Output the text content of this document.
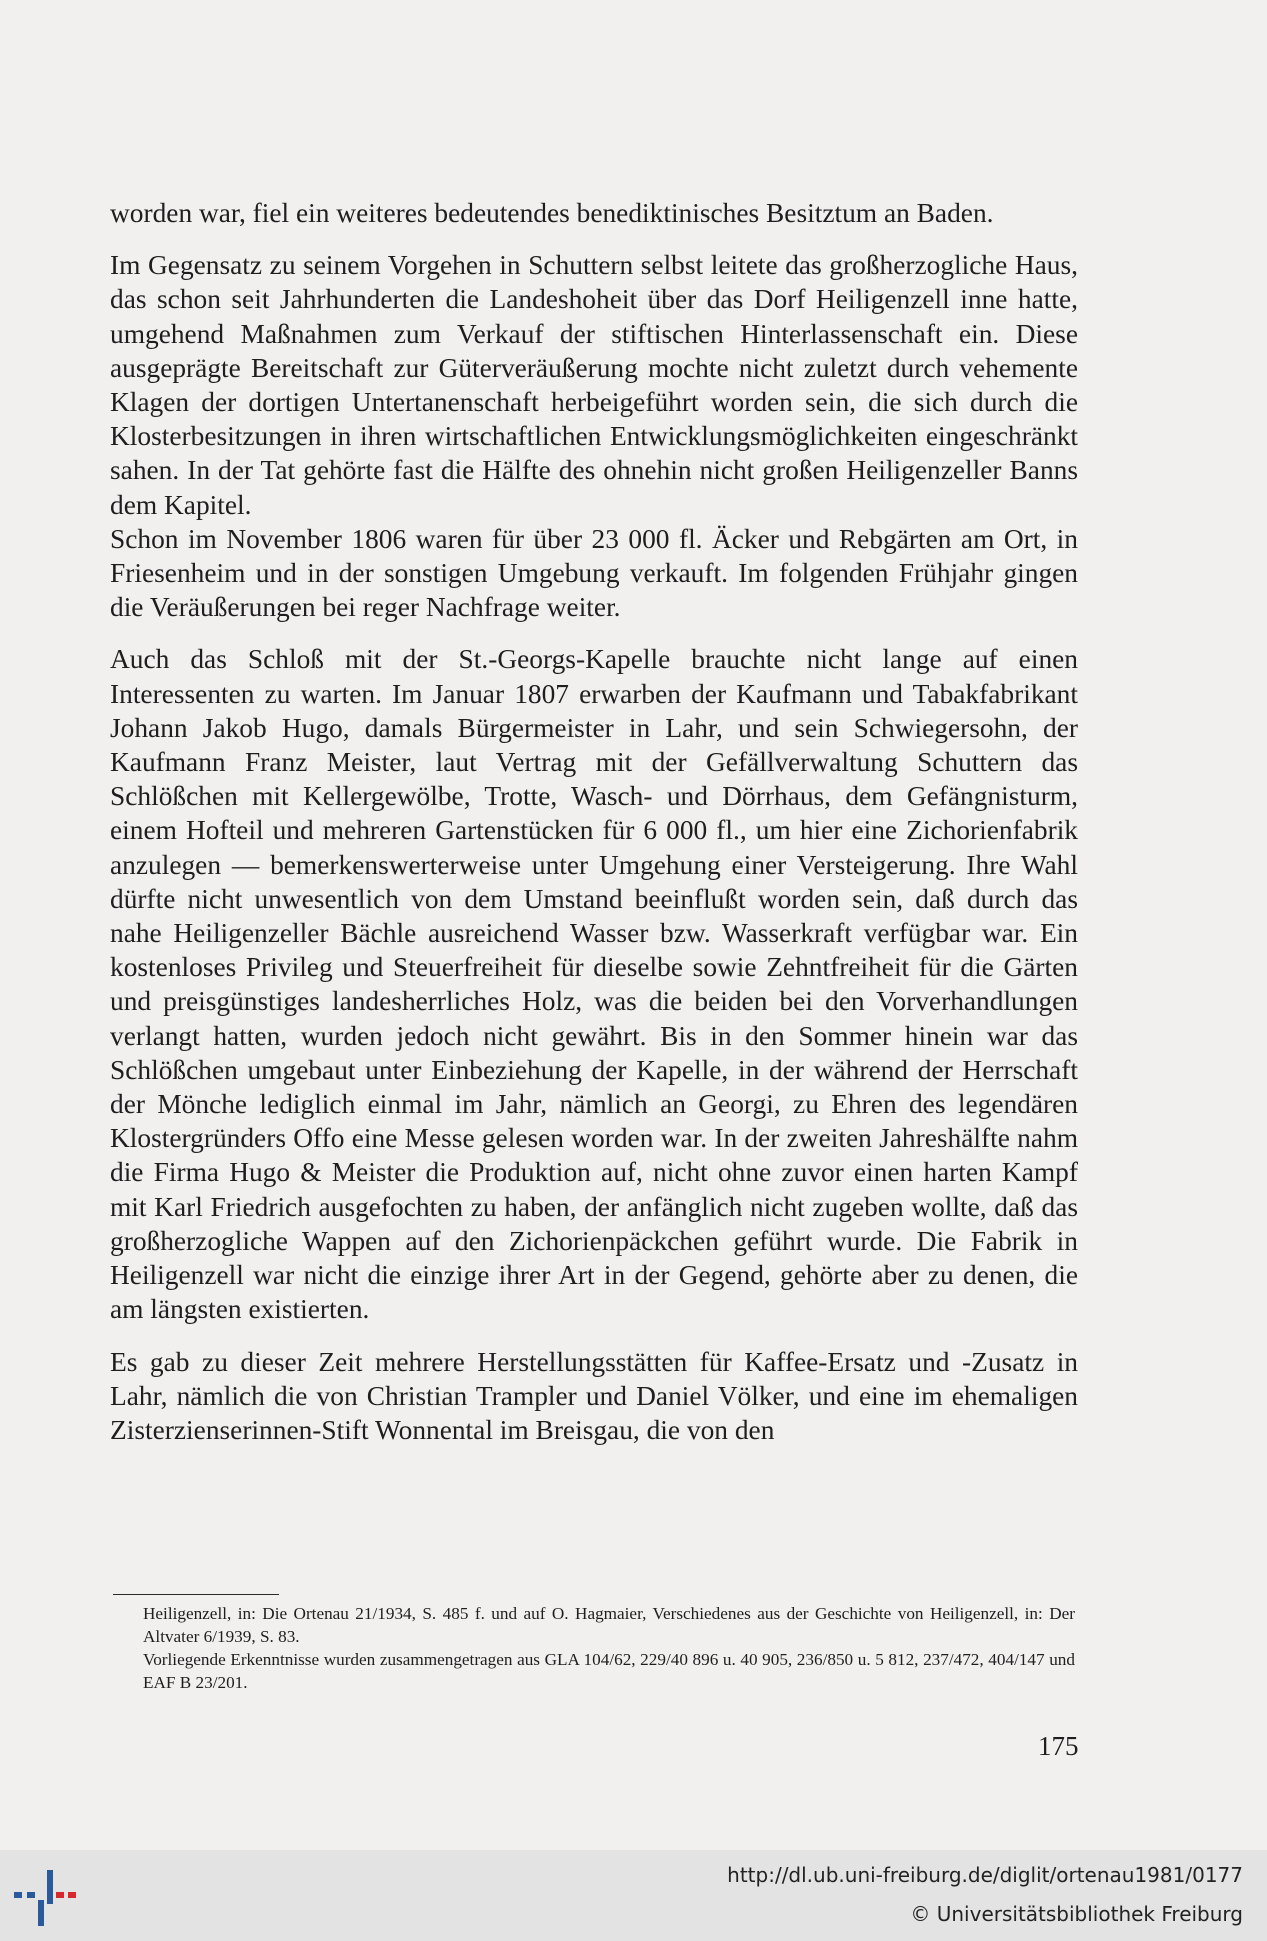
worden war, fiel ein weiteres bedeutendes benediktinisches Besitztum an Baden.

Im Gegensatz zu seinem Vorgehen in Schuttern selbst leitete das großherzogliche Haus, das schon seit Jahrhunderten die Landeshoheit über das Dorf Heiligenzell inne hatte, umgehend Maßnahmen zum Verkauf der stiftischen Hinterlassenschaft ein. Diese ausgeprägte Bereitschaft zur Güterveräußerung mochte nicht zuletzt durch vehemente Klagen der dortigen Untertanenschaft herbeigeführt worden sein, die sich durch die Klosterbesitzungen in ihren wirtschaftlichen Entwicklungsmöglichkeiten eingeschränkt sahen. In der Tat gehörte fast die Hälfte des ohnehin nicht großen Heiligenzeller Banns dem Kapitel.

Schon im November 1806 waren für über 23 000 fl. Äcker und Rebgärten am Ort, in Friesenheim und in der sonstigen Umgebung verkauft. Im folgenden Frühjahr gingen die Veräußerungen bei reger Nachfrage weiter.

Auch das Schloß mit der St.-Georgs-Kapelle brauchte nicht lange auf einen Interessenten zu warten. Im Januar 1807 erwarben der Kaufmann und Tabakfabrikant Johann Jakob Hugo, damals Bürgermeister in Lahr, und sein Schwiegersohn, der Kaufmann Franz Meister, laut Vertrag mit der Gefällverwaltung Schuttern das Schlößchen mit Kellergewölbe, Trotte, Wasch- und Dörrhaus, dem Gefängnisturm, einem Hofteil und mehreren Gartenstücken für 6 000 fl., um hier eine Zichorienfabrik anzulegen — bemerkenswerterweise unter Umgehung einer Versteigerung. Ihre Wahl dürfte nicht unwesentlich von dem Umstand beeinflußt worden sein, daß durch das nahe Heiligenzeller Bächle ausreichend Wasser bzw. Wasserkraft verfügbar war. Ein kostenloses Privileg und Steuerfreiheit für dieselbe sowie Zehntfreiheit für die Gärten und preisgünstiges landesherrliches Holz, was die beiden bei den Vorverhandlungen verlangt hatten, wurden jedoch nicht gewährt. Bis in den Sommer hinein war das Schlößchen umgebaut unter Einbeziehung der Kapelle, in der während der Herrschaft der Mönche lediglich einmal im Jahr, nämlich an Georgi, zu Ehren des legendären Klostergründers Offo eine Messe gelesen worden war. In der zweiten Jahreshälfte nahm die Firma Hugo & Meister die Produktion auf, nicht ohne zuvor einen harten Kampf mit Karl Friedrich ausgefochten zu haben, der anfänglich nicht zugeben wollte, daß das großherzogliche Wappen auf den Zichorienpäckchen geführt wurde. Die Fabrik in Heiligenzell war nicht die einzige ihrer Art in der Gegend, gehörte aber zu denen, die am längsten existierten.

Es gab zu dieser Zeit mehrere Herstellungsstätten für Kaffee-Ersatz und -Zusatz in Lahr, nämlich die von Christian Trampler und Daniel Völker, und eine im ehemaligen Zisterzienserinnen-Stift Wonnental im Breisgau, die von den

Heiligenzell, in: Die Ortenau 21/1934, S. 485 f. und auf O. Hagmaier, Verschiedenes aus der Geschichte von Heiligenzell, in: Der Altvater 6/1939, S. 83.

Vorliegende Erkenntnisse wurden zusammengetragen aus GLA 104/62, 229/40 896 u. 40 905, 236/850 u. 5 812, 237/472, 404/147 und EAF B 23/201.

175
http://dl.ub.uni-freiburg.de/diglit/ortenau1981/0177
© Universitätsbibliothek Freiburg
